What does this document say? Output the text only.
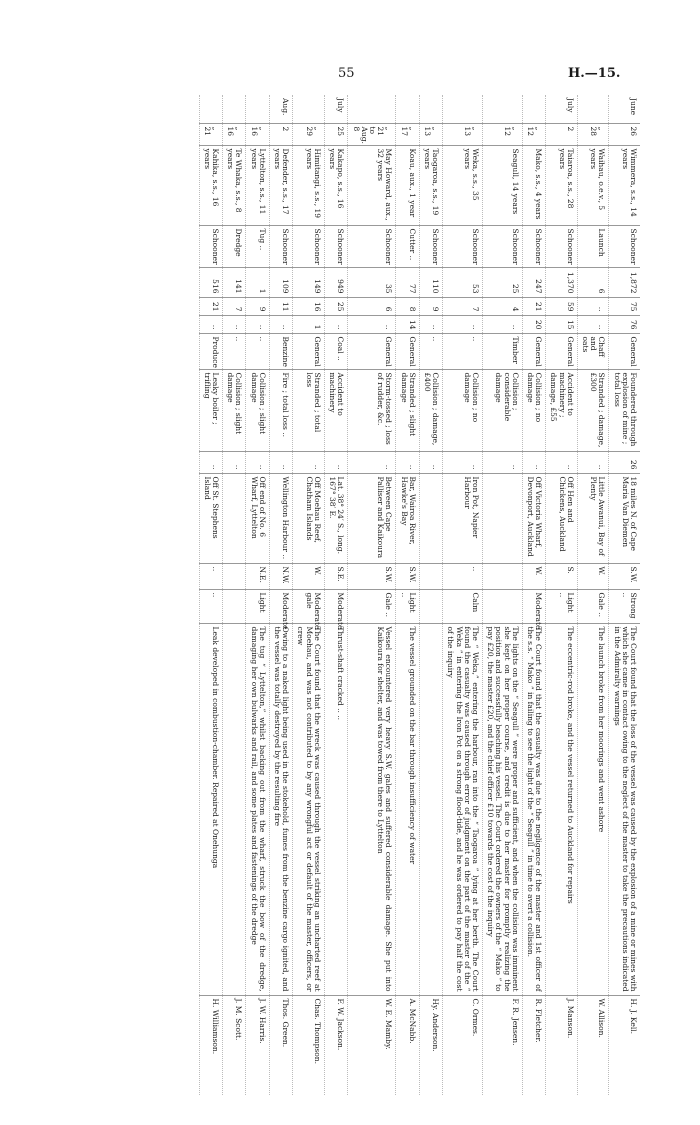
55	H.—15.
June	26	Wimmera, s.s., 14 years	Schooner	1,872	75	76	General	Foundered through explosion of mine ; total loss	26	18 miles N. of Cape Maria Van Diemen	S.W.	Strong ..	The Court found that the loss of the vessel was caused by the explosion of a mine or mines with which she came in contact owing to the neglect of the master to take the precautions indicated in the Admiralty warnings	H. J. Kell.
	„ 28	Waihau, o.e.v., 5 years	Launch	6	..	..	Chaff and oats	Stranded ; damage, £300	..	Little Awanui, Bay of Plenty	W.	Gale ..	The launch broke from her moorings and went ashore	W. Allison.
July	2	Taiaroa, s.s., 28 years	Schooner	1,370	59	15	General	Accident to machinery ; damage, £55	..	Off Hen and Chickens, Auckland	S.	Light ..	The eccentric-rod broke, and the vessel returned to Auckland for repairs	J. Manson.
	„ 12	Mako, s.s., 4 years	Schooner	247	21	20	General	Collision ; no damage	..	Off Victoria Wharf, Devonport, Auckland	W.	Moderate	The Court found that the casualty was due to the negligence of the master and 1st officer of the s.s. “ Mako ” in failing to see the light of the “ Seagull ” in time to avert a collision.	R. Fletcher.
	„ 12	Seagull, 14 years	Schooner	25	4	..	Timber	Collision ; considerable damage	..				The lights on the “ Seagull ” were proper and sufficient, and when the collision was imminent she kept on her proper course, and credit is due to her master for promptly realizing the position and successfully beaching his vessel. The Court ordered the owners of the “ Mako ” to pay £20, the master £20, and the chief officer £10 towards the cost of the inquiry	F. R. Jensen.
	„ 13	Weka, s.s., 35 years	Schooner	53	7	..	..	Collision ; no damage	..	Iron Pot, Napier Harbour	..	Calm	The “ Weka,” entering the harbour, ran into the “ Taogaroa ” lying at her berth. The Court found the casualty was caused through error of judgment on the part of the master of the “ Weka ” in entering the Iron Pot on a strong flood-tide, and he was ordered to pay half the cost of the inquiry	C. Ormes.
	„ 13	Taogaroa, s.s., 19 years	Schooner	110	9	..	..	Collision ; damage, £400	..					Hy. Anderson.
	„ 17	Koau, aux., 1 year	Cutter ..	77	8	14	General	Stranded ; slight damage	..	Bar, Wairoa River, Hawke's Bay	S.W.	Light ..	The vessel grounded on the bar through insufficiency of water	A. McNabb.
	„ 21 to Aug. 8	May Howard, aux., 32 years	Schooner	35	6	..	General	Storm-tossed ; loss of rudder, &c.	..	Between Cape Palliser and Kaikoura	S.W.	Gale ..	Vessel encountered very heavy S.W. gales and suffered considerable damage. She put into Kaikoura for shelter, and was towed from there to Lyttelton	W. E. Mamby.
July	25	Kakapo, s.s., 16 years	Schooner	949	25	..	Coal ..	Accident to machinery	..	Lat. 38° 24′ S., long. 167° 38′ E.	S.E.	Moderate	Thrust-shaft cracked .. ..	F. W. Jackson.
	„ 29	Himitangi, s.s., 19 years	Schooner	149	16	1	General	Stranded ; total loss	..	Off Moehau Reef, Chatham Islands	W.	Moderate gale	The Court found that the wreck was caused through the vessel striking an uncharted reef at Moehau, and was not contributed to by any wrongful act or default of the master, officers, or crew	Chas. Thompson.
Aug.	2	Defender, s.s., 17 years	Schooner	109	11	..	Benzine	Fire ; total loss ..	..	Wellington Harbour ..	N.W.	Moderate	Owing to a naked light being used in the stokehold, fumes from the benzine cargo ignited, and the vessel was totally destroyed by the resulting fire	Thos. Green.
	„ 16	Lyttelton, s.s., 11 years	Tug ..	1	9	..	..	Collision ; slight damage	..	Off end of No. 6 Wharf, Lyttelton	N.E.	Light	The tug “ Lyttelton,” whilst backing out from the wharf, struck the bow of the dredge, damaging her own bulwarks and rail, and some plates and fastenings of the dredge	J. W. Harris.
	„ 16	Te Whaka, s.s., 8 years	Dredge	141	7	..	..	Collision ; slight damage	..					J. M. Scott.
	„ 21	Kahika, s.s., 16 years	Schooner	516	21	..	Produce	Leaky boiler ; trifling	..	Off St. Stephens Island	..	..	Leak developed in combustion-chamber. Repaired at Onehunga	H. Williamson.
